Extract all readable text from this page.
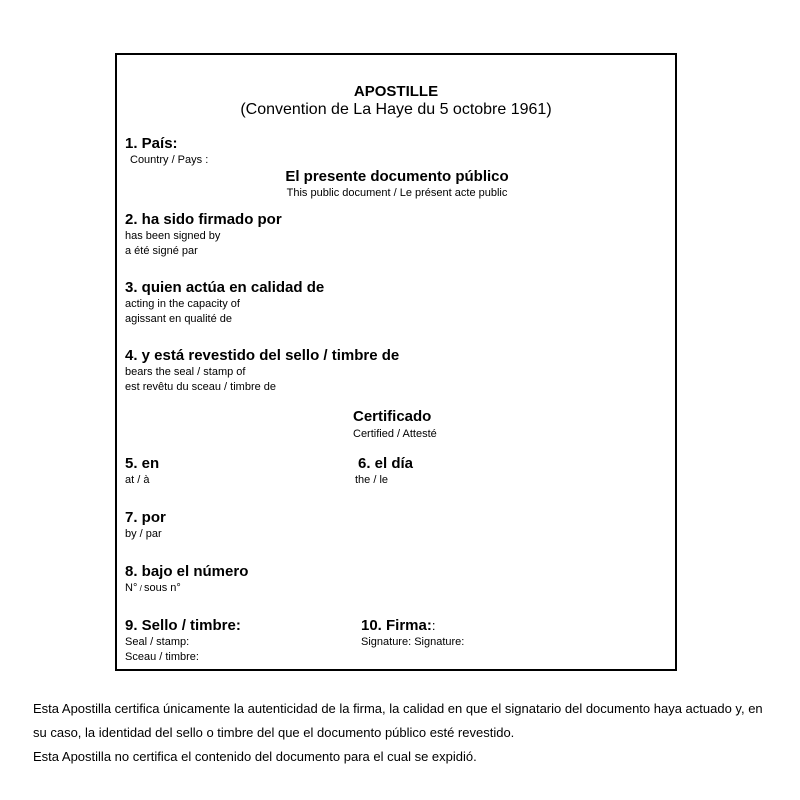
APOSTILLE
(Convention de La Haye du 5 octobre 1961)
1. País:
Country / Pays :
El presente documento público
This public document / Le présent acte public
2. ha sido firmado por
has been signed by
a été signé par
3. quien actúa en calidad de
acting in the capacity of
agissant en qualité de
4. y está revestido del sello / timbre de
bears the seal / stamp of
est revêtu du sceau / timbre de
Certificado
Certified / Attesté
5. en
at / à
6. el día
the / le
7. por
by / par
8. bajo el número
N° / sous n°
9. Sello / timbre:
Seal / stamp:
Sceau / timbre:
10. Firma::
Signature: Signature:

Esta Apostilla certifica únicamente la autenticidad de la firma, la calidad en que el signatario del documento haya actuado y, en su caso, la identidad del sello o timbre del que el documento público esté revestido.

Esta Apostilla no certifica el contenido del documento para el cual se expidió.
